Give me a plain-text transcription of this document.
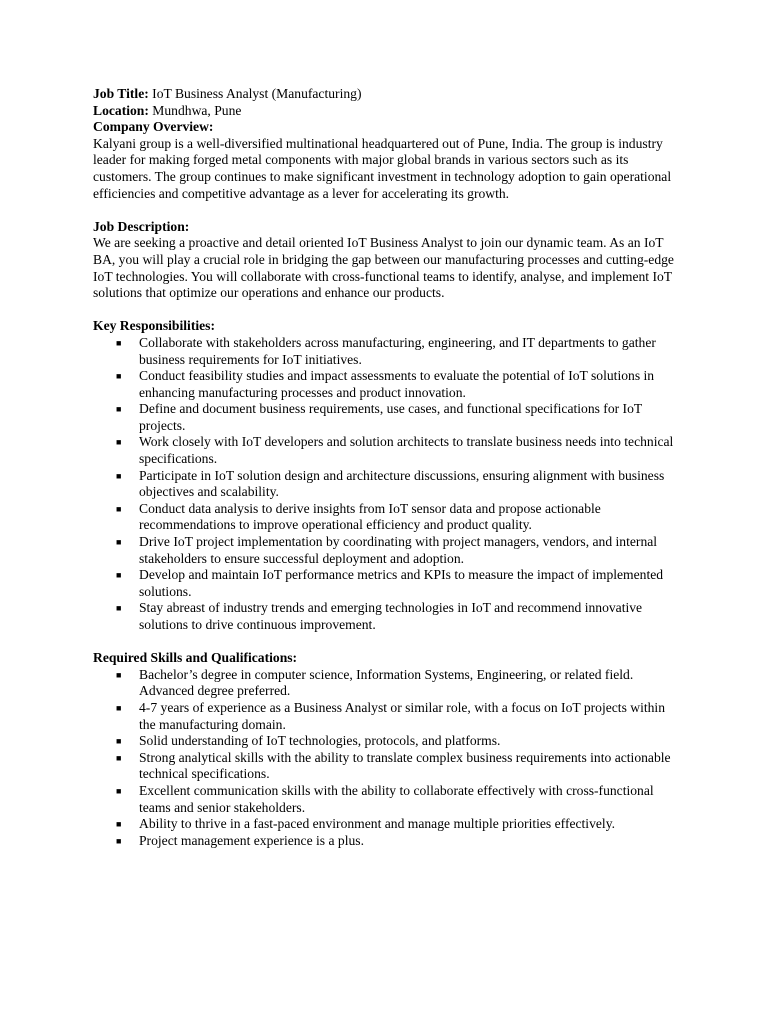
Job Title: IoT Business Analyst (Manufacturing)
Location: Mundhwa, Pune
Company Overview:

Kalyani group is a well-diversified multinational headquartered out of Pune, India. The group is industry leader for making forged metal components with major global brands in various sectors such as its customers. The group continues to make significant investment in technology adoption to gain operational efficiencies and competitive advantage as a lever for accelerating its growth.

Job Description:

We are seeking a proactive and detail oriented IoT Business Analyst to join our dynamic team. As an IoT BA, you will play a crucial role in bridging the gap between our manufacturing processes and cutting-edge IoT technologies. You will collaborate with cross-functional teams to identify, analyse, and implement IoT solutions that optimize our operations and enhance our products.

Key Responsibilities:
■ Collaborate with stakeholders across manufacturing, engineering, and IT departments to gather business requirements for IoT initiatives.
■ Conduct feasibility studies and impact assessments to evaluate the potential of IoT solutions in enhancing manufacturing processes and product innovation.
■ Define and document business requirements, use cases, and functional specifications for IoT projects.
■ Work closely with IoT developers and solution architects to translate business needs into technical specifications.
■ Participate in IoT solution design and architecture discussions, ensuring alignment with business objectives and scalability.
■ Conduct data analysis to derive insights from IoT sensor data and propose actionable recommendations to improve operational efficiency and product quality.
■ Drive IoT project implementation by coordinating with project managers, vendors, and internal stakeholders to ensure successful deployment and adoption.
■ Develop and maintain IoT performance metrics and KPIs to measure the impact of implemented solutions.
■ Stay abreast of industry trends and emerging technologies in IoT and recommend innovative solutions to drive continuous improvement.
Required Skills and Qualifications:
■ Bachelor’s degree in computer science, Information Systems, Engineering, or related field. Advanced degree preferred.
■ 4-7 years of experience as a Business Analyst or similar role, with a focus on IoT projects within the manufacturing domain.
■ Solid understanding of IoT technologies, protocols, and platforms.
■ Strong analytical skills with the ability to translate complex business requirements into actionable technical specifications.
■ Excellent communication skills with the ability to collaborate effectively with cross-functional teams and senior stakeholders.
■ Ability to thrive in a fast-paced environment and manage multiple priorities effectively.
■ Project management experience is a plus.
